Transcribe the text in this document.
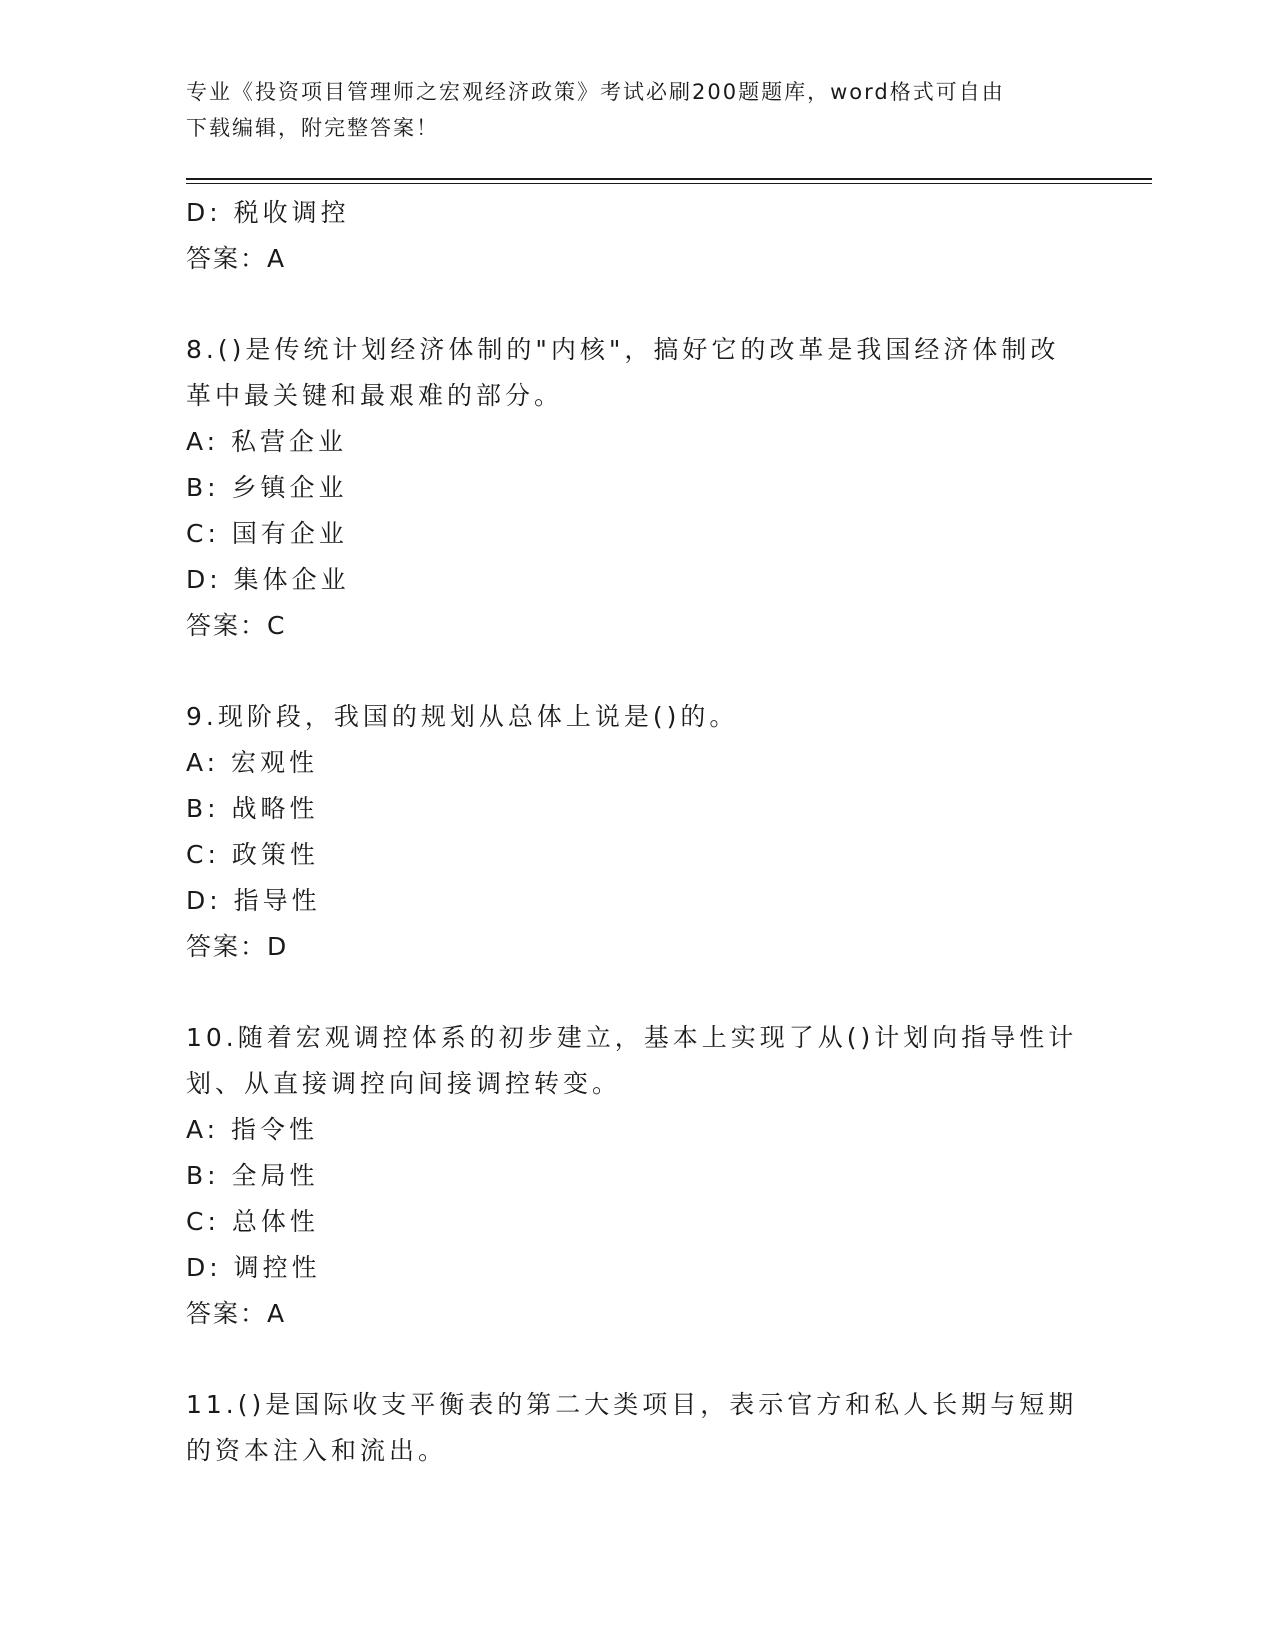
专业《投资项目管理师之宏观经济政策》考试必刷200题题库，word格式可自由
下载编辑，附完整答案！
D: 税收调控
答案：A
8.()是传统计划经济体制的"内核"，搞好它的改革是我国经济体制改
革中最关键和最艰难的部分。
A: 私营企业
B: 乡镇企业
C: 国有企业
D: 集体企业
答案：C
9.现阶段，我国的规划从总体上说是()的。
A: 宏观性
B: 战略性
C: 政策性
D: 指导性
答案：D
10.随着宏观调控体系的初步建立，基本上实现了从()计划向指导性计
划、从直接调控向间接调控转变。
A: 指令性
B: 全局性
C: 总体性
D: 调控性
答案：A
11.()是国际收支平衡表的第二大类项目，表示官方和私人长期与短期
的资本注入和流出。
